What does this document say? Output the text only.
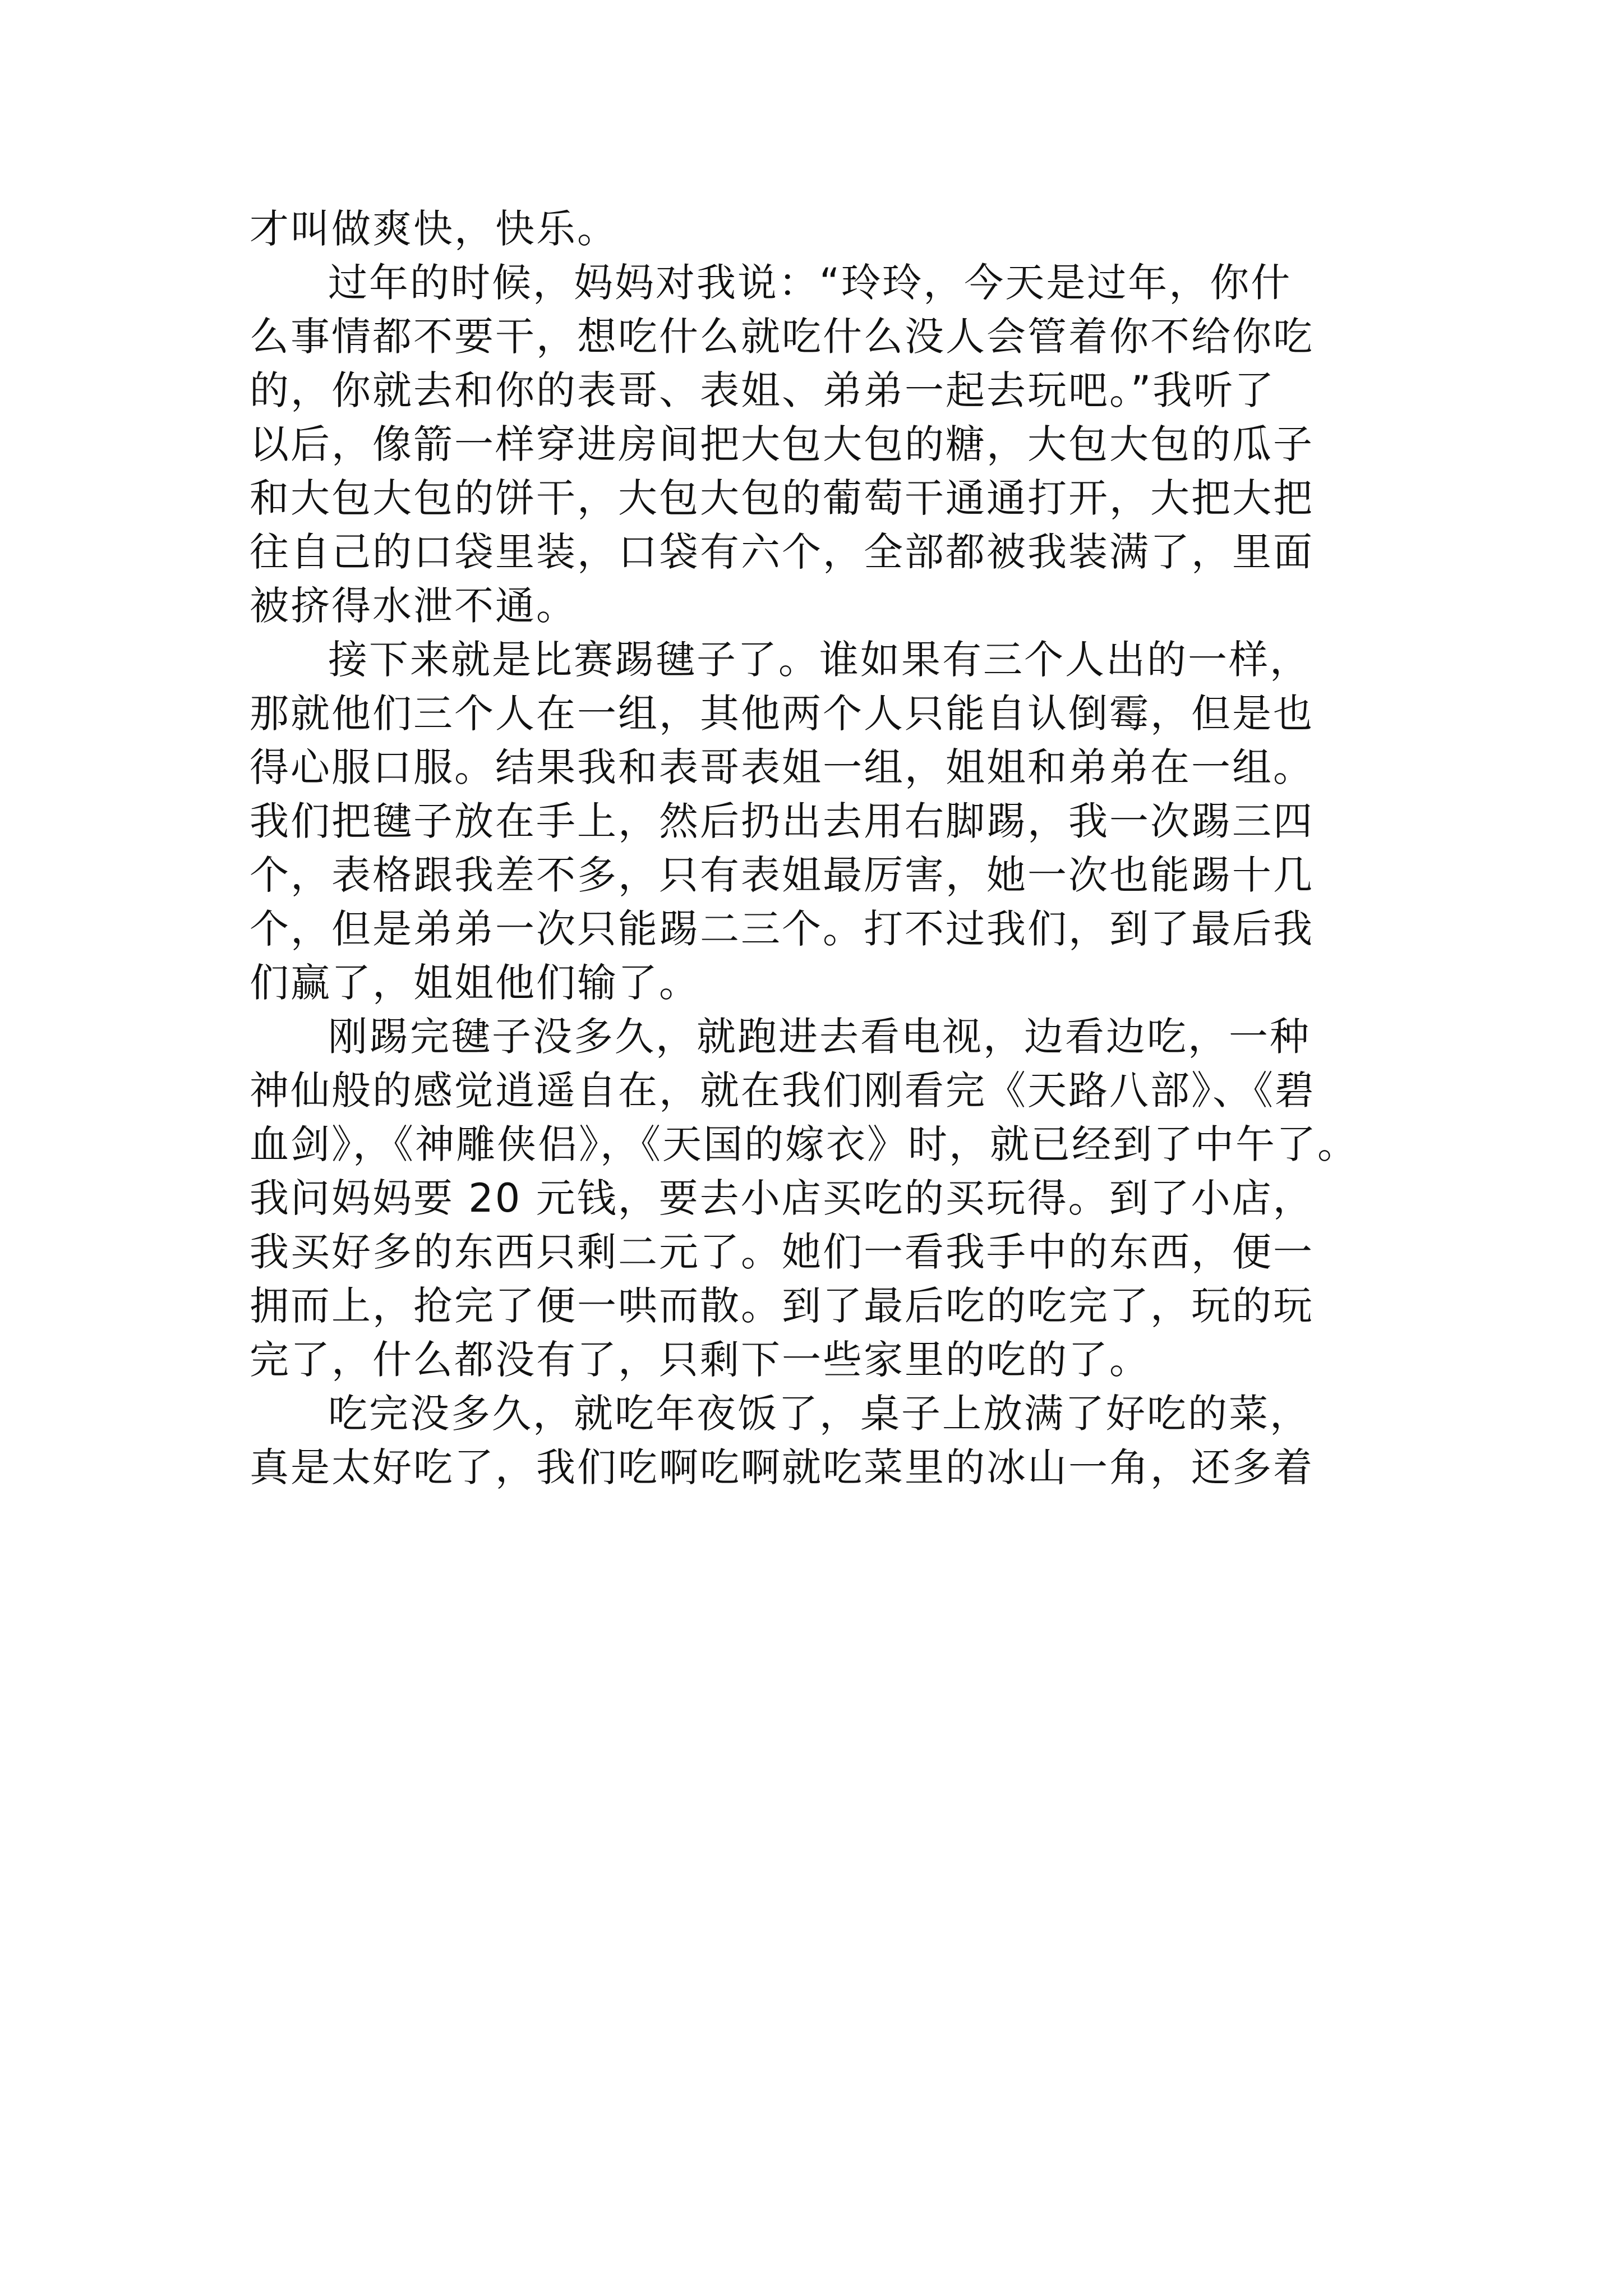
才叫做爽快，快乐。
过年的时候，妈妈对我说：“玲玲，今天是过年，你什
么事情都不要干，想吃什么就吃什么没人会管着你不给你吃
的，你就去和你的表哥、表姐、弟弟一起去玩吧。”我听了
以后，像箭一样穿进房间把大包大包的糖，大包大包的瓜子
和大包大包的饼干，大包大包的葡萄干通通打开，大把大把
往自己的口袋里装，口袋有六个，全部都被我装满了，里面
被挤得水泄不通。
接下来就是比赛踢毽子了。谁如果有三个人出的一样，
那就他们三个人在一组，其他两个人只能自认倒霉，但是也
得心服口服。结果我和表哥表姐一组，姐姐和弟弟在一组。
我们把毽子放在手上，然后扔出去用右脚踢，我一次踢三四
个，表格跟我差不多，只有表姐最厉害，她一次也能踢十几
个，但是弟弟一次只能踢二三个。打不过我们，到了最后我
们赢了，姐姐他们输了。
刚踢完毽子没多久，就跑进去看电视，边看边吃，一种
神仙般的感觉逍遥自在，就在我们刚看完《天路八部》、《碧
血剑》，《神雕侠侣》，《天国的嫁衣》时，就已经到了中午了。
我问妈妈要 20 元钱，要去小店买吃的买玩得。到了小店，
我买好多的东西只剩二元了。她们一看我手中的东西，便一
拥而上，抢完了便一哄而散。到了最后吃的吃完了，玩的玩
完了，什么都没有了，只剩下一些家里的吃的了。
吃完没多久，就吃年夜饭了，桌子上放满了好吃的菜，
真是太好吃了，我们吃啊吃啊就吃菜里的冰山一角，还多着
